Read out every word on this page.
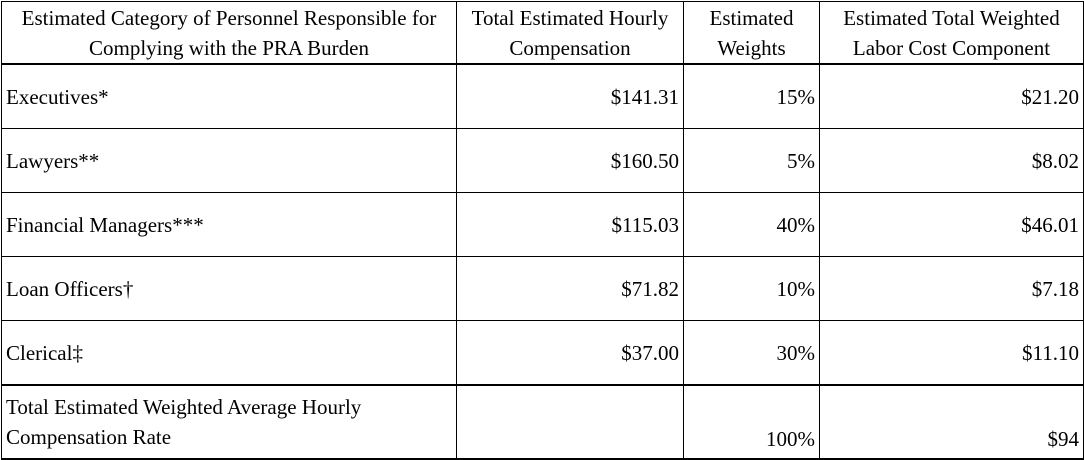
Estimated Category of Personnel Responsible for Complying with the PRA Burden	Total Estimated Hourly Compensation	Estimated Weights	Estimated Total Weighted Labor Cost Component
Executives*	$141.31	15%	$21.20
Lawyers**	$160.50	5%	$8.02
Financial Managers***	$115.03	40%	$46.01
Loan Officers†	$71.82	10%	$7.18
Clerical‡	$37.00	30%	$11.10
Total Estimated Weighted Average Hourly Compensation Rate		100%	$94
